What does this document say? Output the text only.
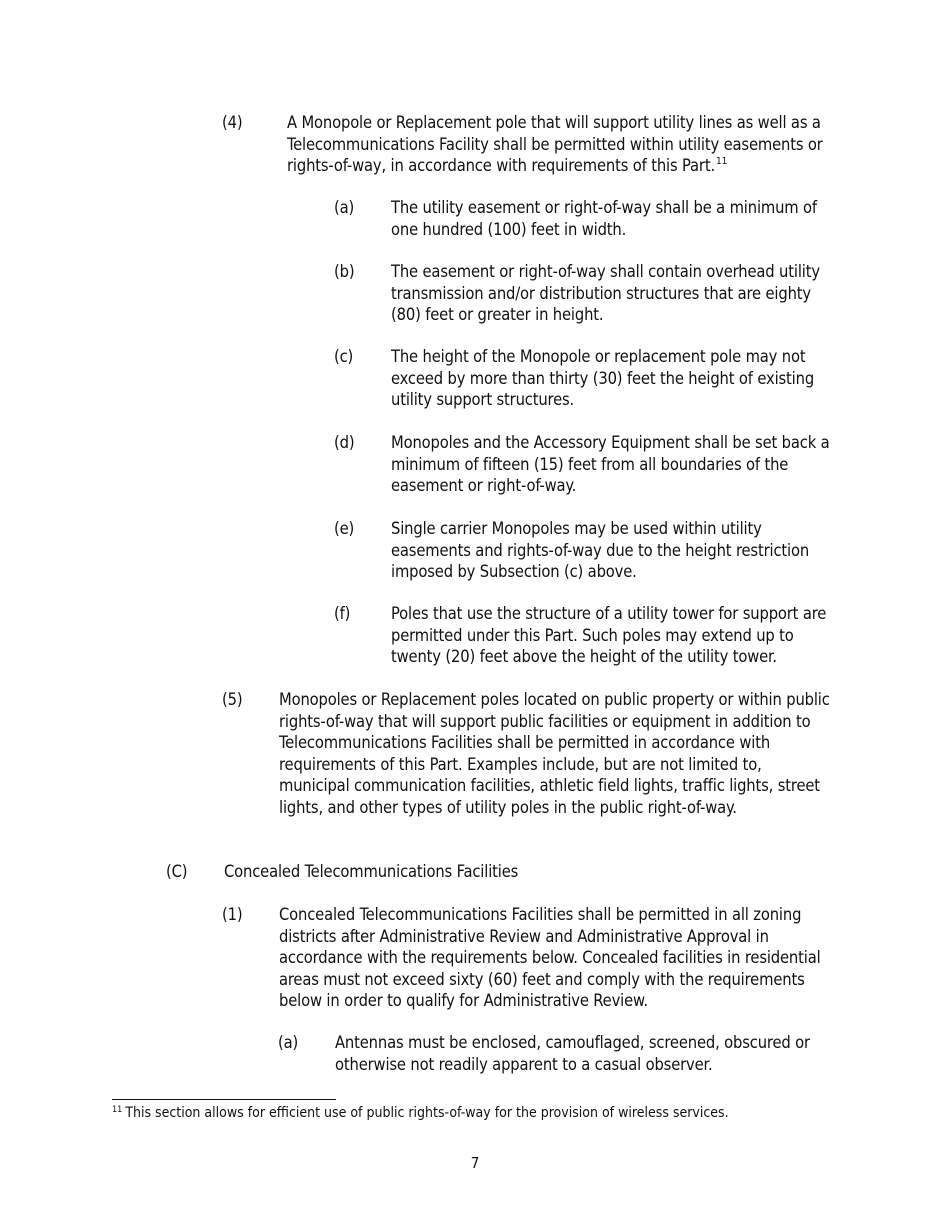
(4)	A Monopole or Replacement pole that will support utility lines as well as a Telecommunications Facility shall be permitted within utility easements or rights-of-way, in accordance with requirements of this Part.$^{11}$

(a) The utility easement or right-of-way shall be a minimum of one hundred (100) feet in width.

(b) The easement or right-of-way shall contain overhead utility transmission and/or distribution structures that are eighty (80) feet or greater in height.

(c) The height of the Monopole or replacement pole may not exceed by more than thirty (30) feet the height of existing utility support structures.

(d) Monopoles and the Accessory Equipment shall be set back a minimum of fifteen (15) feet from all boundaries of the easement or right-of-way.

(e) Single carrier Monopoles may be used within utility easements and rights-of-way due to the height restriction imposed by Subsection (c) above.

(f) Poles that use the structure of a utility tower for support are permitted under this Part. Such poles may extend up to twenty (20) feet above the height of the utility tower.

(5) Monopoles or Replacement poles located on public property or within public rights-of-way that will support public facilities or equipment in addition to Telecommunications Facilities shall be permitted in accordance with requirements of this Part. Examples include, but are not limited to, municipal communication facilities, athletic field lights, traffic lights, street lights, and other types of utility poles in the public right-of-way.

(C) Concealed Telecommunications Facilities

(1) Concealed Telecommunications Facilities shall be permitted in all zoning districts after Administrative Review and Administrative Approval in accordance with the requirements below. Concealed facilities in residential areas must not exceed sixty (60) feet and comply with the requirements below in order to qualify for Administrative Review.

(a) Antennas must be enclosed, camouflaged, screened, obscured or otherwise not readily apparent to a casual observer.

$^{11}$ This section allows for efficient use of public rights-of-way for the provision of wireless services.
7
